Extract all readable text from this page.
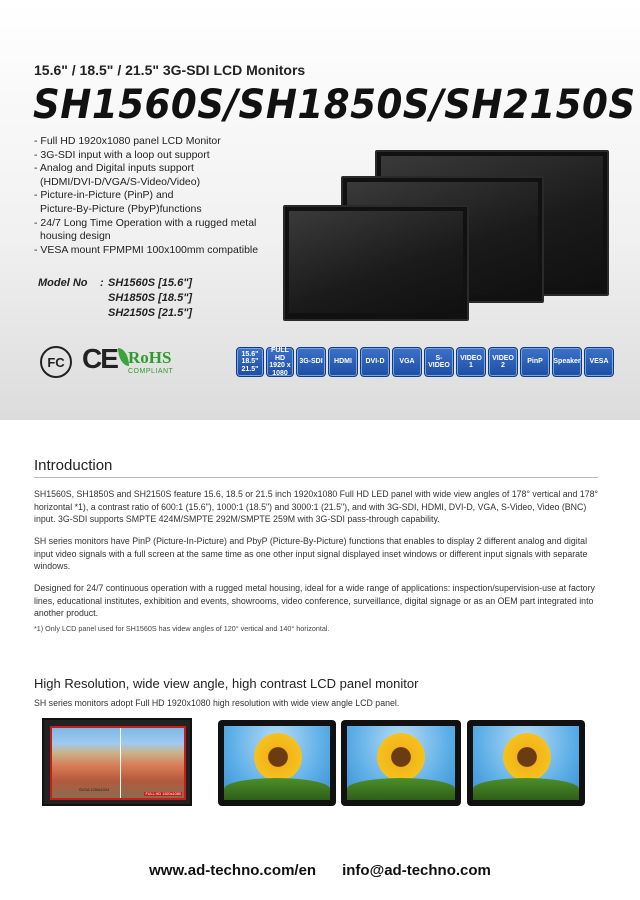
15.6" / 18.5" / 21.5" 3G-SDI LCD Monitors
SH1560S/SH1850S/SH2150S
- Full HD 1920x1080 panel LCD Monitor
- 3G-SDI input with a loop out support
- Analog and Digital inputs support
(HDMI/DVI-D/VGA/S-Video/Video)
- Picture-in-Picture (PinP) and
Picture-By-Picture (PbyP)functions
- 24/7 Long Time Operation with a rugged metal
housing design
- VESA mount FPMPMI 100x100mm compatible
Model No	: SH1560S [15.6"]
SH1850S [18.5"]
SH2150S [21.5"]
FC CE RoHS
COMPLIANT
15.6" 18.5" 21.5"
FULL HD 1920 x 1080
3G-SDI	HDMI	DVI-D	VGA
S-VIDEO
VIDEO 1
VIDEO 2
PinP	Speaker	VESA
Introduction

SH1560S, SH1850S and SH2150S feature 15.6, 18.5 or 21.5 inch 1920x1080 Full HD LED panel with wide view angles of 178° vertical and 178° horizontal *1), a contrast ratio of 600:1 (15.6"), 1000:1 (18.5") and 3000:1 (21.5"), and with 3G-SDI, HDMI, DVI-D, VGA, S-Video, Video (BNC) input. 3G-SDI supports SMPTE 424M/SMPTE 292M/SMPTE 259M with 3G-SDI pass-through capability.

SH series monitors have PinP (Picture-In-Picture) and PbyP (Picture-By-Picture) functions that enables to display 2 different analog and digital input video signals with a full screen at the same time as one other input signal displayed inset windows or different input signals with separate windows.

Designed for 24/7 continuous operation with a rugged metal housing, ideal for a wide range of applications: inspection/supervision-use at factory lines, educational institutes, exhibition and events, showrooms, video conference, surveillance, digital signage or as an OEM part integrated into another product.

*1) Only LCD panel used for SH1560S has videw angles of 120° vertical and 140° horizontal.
High Resolution, wide view angle, high contrast LCD panel monitor
SH series monitors adopt Full HD 1920x1080 high resolution with wide view angle LCD panel.
SXGA 1280x1024
FULL HD 1920x1080
www.ad-techno.com/en info@ad-techno.com
